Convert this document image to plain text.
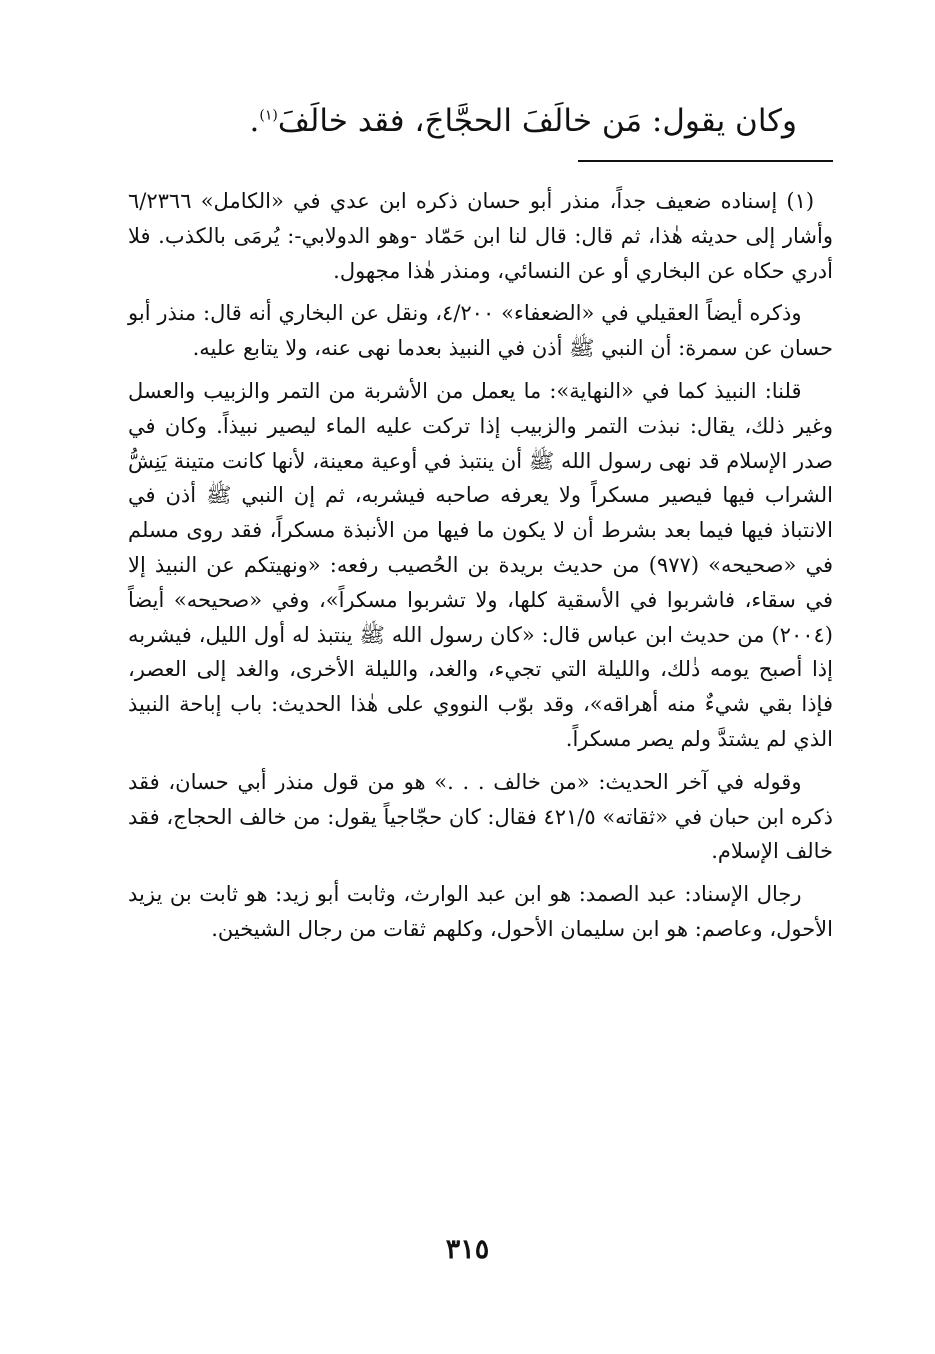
وكان يقول: مَن خالَفَ الحجَّاجَ، فقد خالَفَ$^{(١)}$.

(١) إسناده ضعيف جداً، منذر أبو حسان ذكره ابن عدي في «الكامل» ٦/٢٣٦٦ وأشار إلى حديثه هٰذا، ثم قال: قال لنا ابن حَمّاد -وهو الدولابي-: يُرمَى بالكذب. فلا أدري حكاه عن البخاري أو عن النسائي، ومنذر هٰذا مجهول.

وذكره أيضاً العقيلي في «الضعفاء» ٤/٢٠٠، ونقل عن البخاري أنه قال: منذر أبو حسان عن سمرة: أن النبي ﷺ أذن في النبيذ بعدما نهى عنه، ولا يتابع عليه.

قلنا: النبيذ كما في «النهاية»: ما يعمل من الأشربة من التمر والزبيب والعسل وغير ذلك، يقال: نبذت التمر والزبيب إذا تركت عليه الماء ليصير نبيذاً. وكان في صدر الإسلام قد نهى رسول الله ﷺ أن ينتبذ في أوعية معينة، لأنها كانت متينة يَنِشُّ الشراب فيها فيصير مسكراً ولا يعرفه صاحبه فيشربه، ثم إن النبي ﷺ أذن في الانتباذ فيها فيما بعد بشرط أن لا يكون ما فيها من الأنبذة مسكراً، فقد روى مسلم في «صحيحه» (٩٧٧) من حديث بريدة بن الحُصيب رفعه: «ونهيتكم عن النبيذ إلا في سقاء، فاشربوا في الأسقية كلها، ولا تشربوا مسكراً»، وفي «صحيحه» أيضاً (٢٠٠٤) من حديث ابن عباس قال: «كان رسول الله ﷺ ينتبذ له أول الليل، فيشربه إذا أصبح يومه ذٰلك، والليلة التي تجيء، والغد، والليلة الأخرى، والغد إلى العصر، فإذا بقي شيءٌ منه أهراقه»، وقد بوّب النووي على هٰذا الحديث: باب إباحة النبيذ الذي لم يشتدَّ ولم يصر مسكراً.

وقوله في آخر الحديث: «من خالف . . .» هو من قول منذر أبي حسان، فقد ذكره ابن حبان في «ثقاته» ٤٢١/٥ فقال: كان حجّاجياً يقول: من خالف الحجاج، فقد خالف الإسلام.

رجال الإسناد: عبد الصمد: هو ابن عبد الوارث، وثابت أبو زيد: هو ثابت بن يزيد الأحول، وعاصم: هو ابن سليمان الأحول، وكلهم ثقات من رجال الشيخين.

٣١٥
